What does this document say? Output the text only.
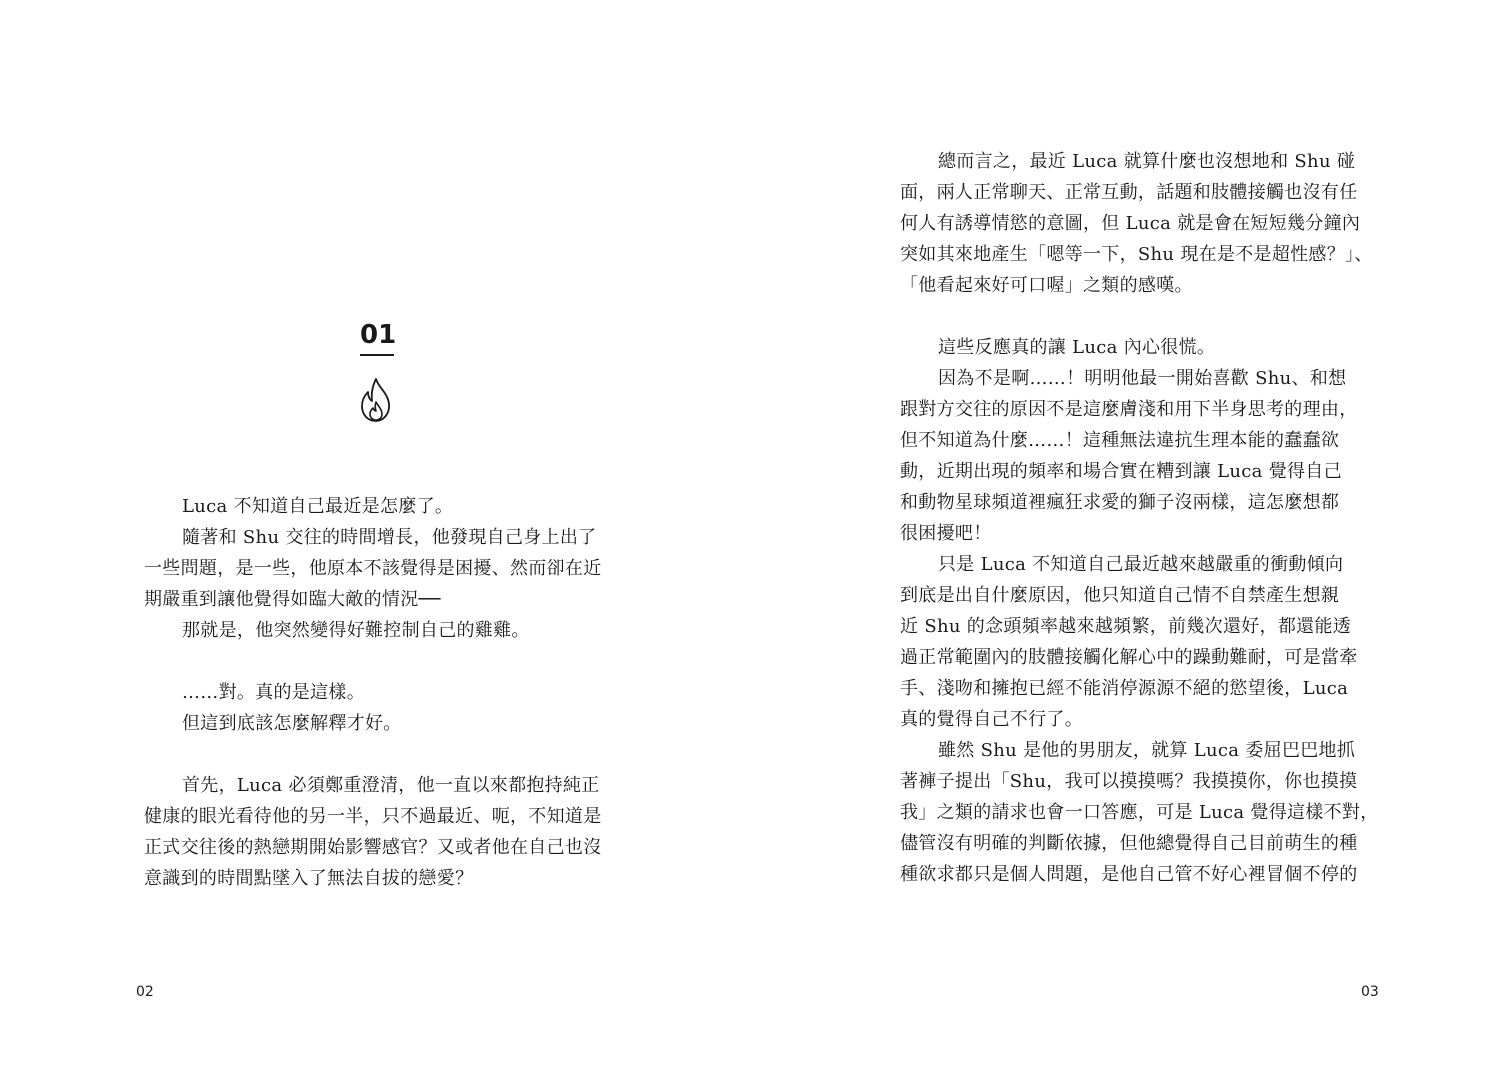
01

Luca 不知道自己最近是怎麼了。

隨著和 Shu 交往的時間增長，他發現自己身上出了

一些問題，是一些，他原本不該覺得是困擾、然而卻在近

期嚴重到讓他覺得如臨大敵的情況──

那就是，他突然變得好難控制自己的雞雞。

……對。真的是這樣。

但這到底該怎麼解釋才好。

首先，Luca 必須鄭重澄清，他一直以來都抱持純正

健康的眼光看待他的另一半，只不過最近、呃，不知道是

正式交往後的熱戀期開始影響感官？又或者他在自己也沒

意識到的時間點墜入了無法自拔的戀愛？

02

總而言之，最近 Luca 就算什麼也沒想地和 Shu 碰

面，兩人正常聊天、正常互動，話題和肢體接觸也沒有任

何人有誘導情慾的意圖，但 Luca 就是會在短短幾分鐘內

突如其來地產生「嗯等一下，Shu 現在是不是超性感？」、

「他看起來好可口喔」之類的感嘆。

這些反應真的讓 Luca 內心很慌。

因為不是啊……！明明他最一開始喜歡 Shu、和想

跟對方交往的原因不是這麼膚淺和用下半身思考的理由，

但不知道為什麼……！這種無法違抗生理本能的蠢蠢欲

動，近期出現的頻率和場合實在糟到讓 Luca 覺得自己

和動物星球頻道裡瘋狂求愛的獅子沒兩樣，這怎麼想都

很困擾吧！

只是 Luca 不知道自己最近越來越嚴重的衝動傾向

到底是出自什麼原因，他只知道自己情不自禁產生想親

近 Shu 的念頭頻率越來越頻繁，前幾次還好，都還能透

過正常範圍內的肢體接觸化解心中的躁動難耐，可是當牽

手、淺吻和擁抱已經不能消停源源不絕的慾望後，Luca

真的覺得自己不行了。

雖然 Shu 是他的男朋友，就算 Luca 委屈巴巴地抓

著褲子提出「Shu，我可以摸摸嗎？我摸摸你，你也摸摸

我」之類的請求也會一口答應，可是 Luca 覺得這樣不對，

儘管沒有明確的判斷依據，但他總覺得自己目前萌生的種

種欲求都只是個人問題，是他自己管不好心裡冒個不停的

03
